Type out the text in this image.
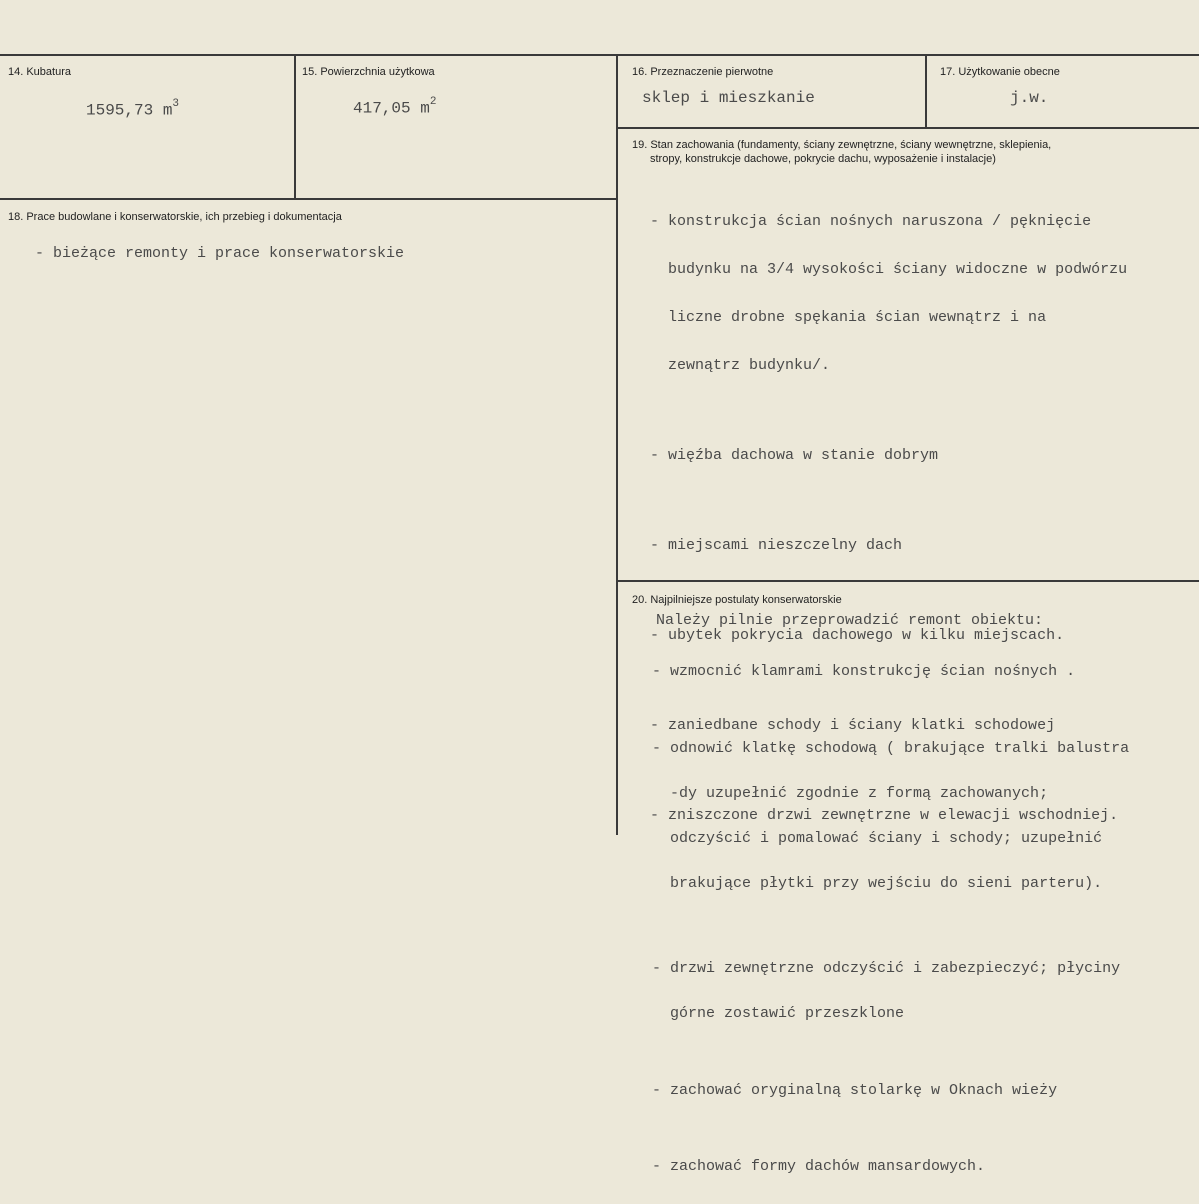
14. Kubatura
1595,73 $m^3$
15. Powierzchnia użytkowa
417,05 $m^2$
16. Przeznaczenie pierwotne
sklep i mieszkanie
17. Użytkowanie obecne
j.w.
18. Prace budowlane i konserwatorskie, ich przebieg i dokumentacja
- bieżące remonty i prace konserwatorskie
19. Stan zachowania (fundamenty, ściany zewnętrzne, ściany wewnętrzne, sklepienia,
stropy, konstrukcje dachowe, pokrycie dachu, wyposażenie i instalacje)

- konstrukcja ścian nośnych naruszona / pęknięcie

budynku na 3/4 wysokości ściany widoczne w podwórzu

liczne drobne spękania ścian wewnątrz i na

zewnątrz budynku/.

- więźba dachowa w stanie dobrym

- miejscami nieszczelny dach

- ubytek pokrycia dachowego w kilku miejscach.

- zaniedbane schody i ściany klatki schodowej

- zniszczone drzwi zewnętrzne w elewacji wschodniej.

20. Najpilniejsze postulaty konserwatorskie
Należy pilnie przeprowadzić remont obiektu:

- wzmocnić klamrami konstrukcję ścian nośnych .

- odnowić klatkę schodową ( brakujące tralki balustra

-dy uzupełnić zgodnie z formą zachowanych;

odczyścić i pomalować ściany i schody; uzupełnić

brakujące płytki przy wejściu do sieni parteru).

- drzwi zewnętrzne odczyścić i zabezpieczyć; płyciny

górne zostawić przeszklone

- zachować oryginalną stolarkę w Oknach wieży

- zachować formy dachów mansardowych.
